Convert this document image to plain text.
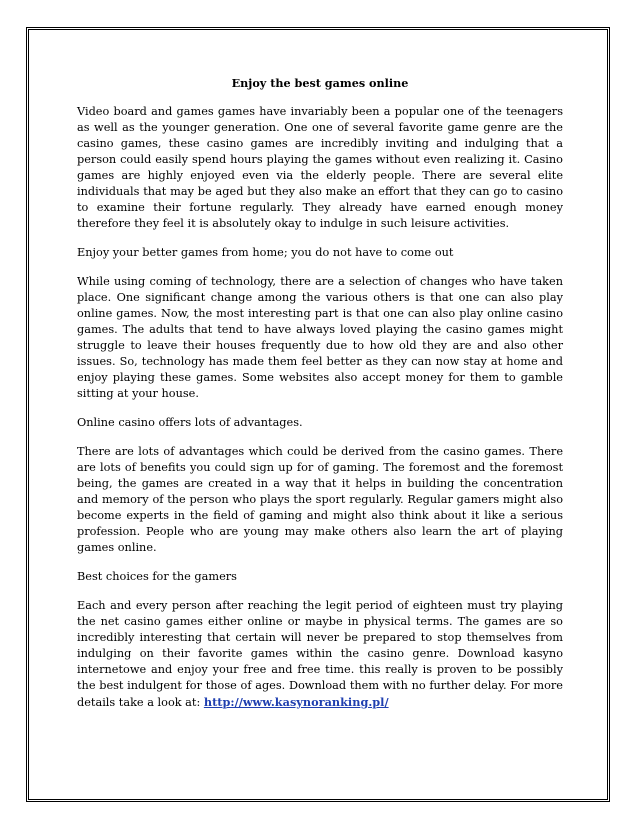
Enjoy the best games online

Video board and games games have invariably been a popular one of the teenagers as well as the younger generation. One one of several favorite game genre are the casino games, these casino games are incredibly inviting and indulging that a person could easily spend hours playing the games without even realizing it. Casino games are highly enjoyed even via the elderly people. There are several elite individuals that may be aged but they also make an effort that they can go to casino to examine their fortune regularly. They already have earned enough money therefore they feel it is absolutely okay to indulge in such leisure activities.

Enjoy your better games from home; you do not have to come out

While using coming of technology, there are a selection of changes who have taken place. One significant change among the various others is that one can also play online games. Now, the most interesting part is that one can also play online casino games. The adults that tend to have always loved playing the casino games might struggle to leave their houses frequently due to how old they are and also other issues. So, technology has made them feel better as they can now stay at home and enjoy playing these games. Some websites also accept money for them to gamble sitting at your house.

Online casino offers lots of advantages.

There are lots of advantages which could be derived from the casino games. There are lots of benefits you could sign up for of gaming. The foremost and the foremost being, the games are created in a way that it helps in building the concentration and memory of the person who plays the sport regularly. Regular gamers might also become experts in the field of gaming and might also think about it like a serious profession. People who are young may make others also learn the art of playing games online.

Best choices for the gamers

Each and every person after reaching the legit period of eighteen must try playing the net casino games either online or maybe in physical terms. The games are so incredibly interesting that certain will never be prepared to stop themselves from indulging on their favorite games within the casino genre. Download kasyno internetowe and enjoy your free and free time. this really is proven to be possibly the best indulgent for those of ages. Download them with no further delay. For more details take a look at: http://www.kasynoranking.pl/
